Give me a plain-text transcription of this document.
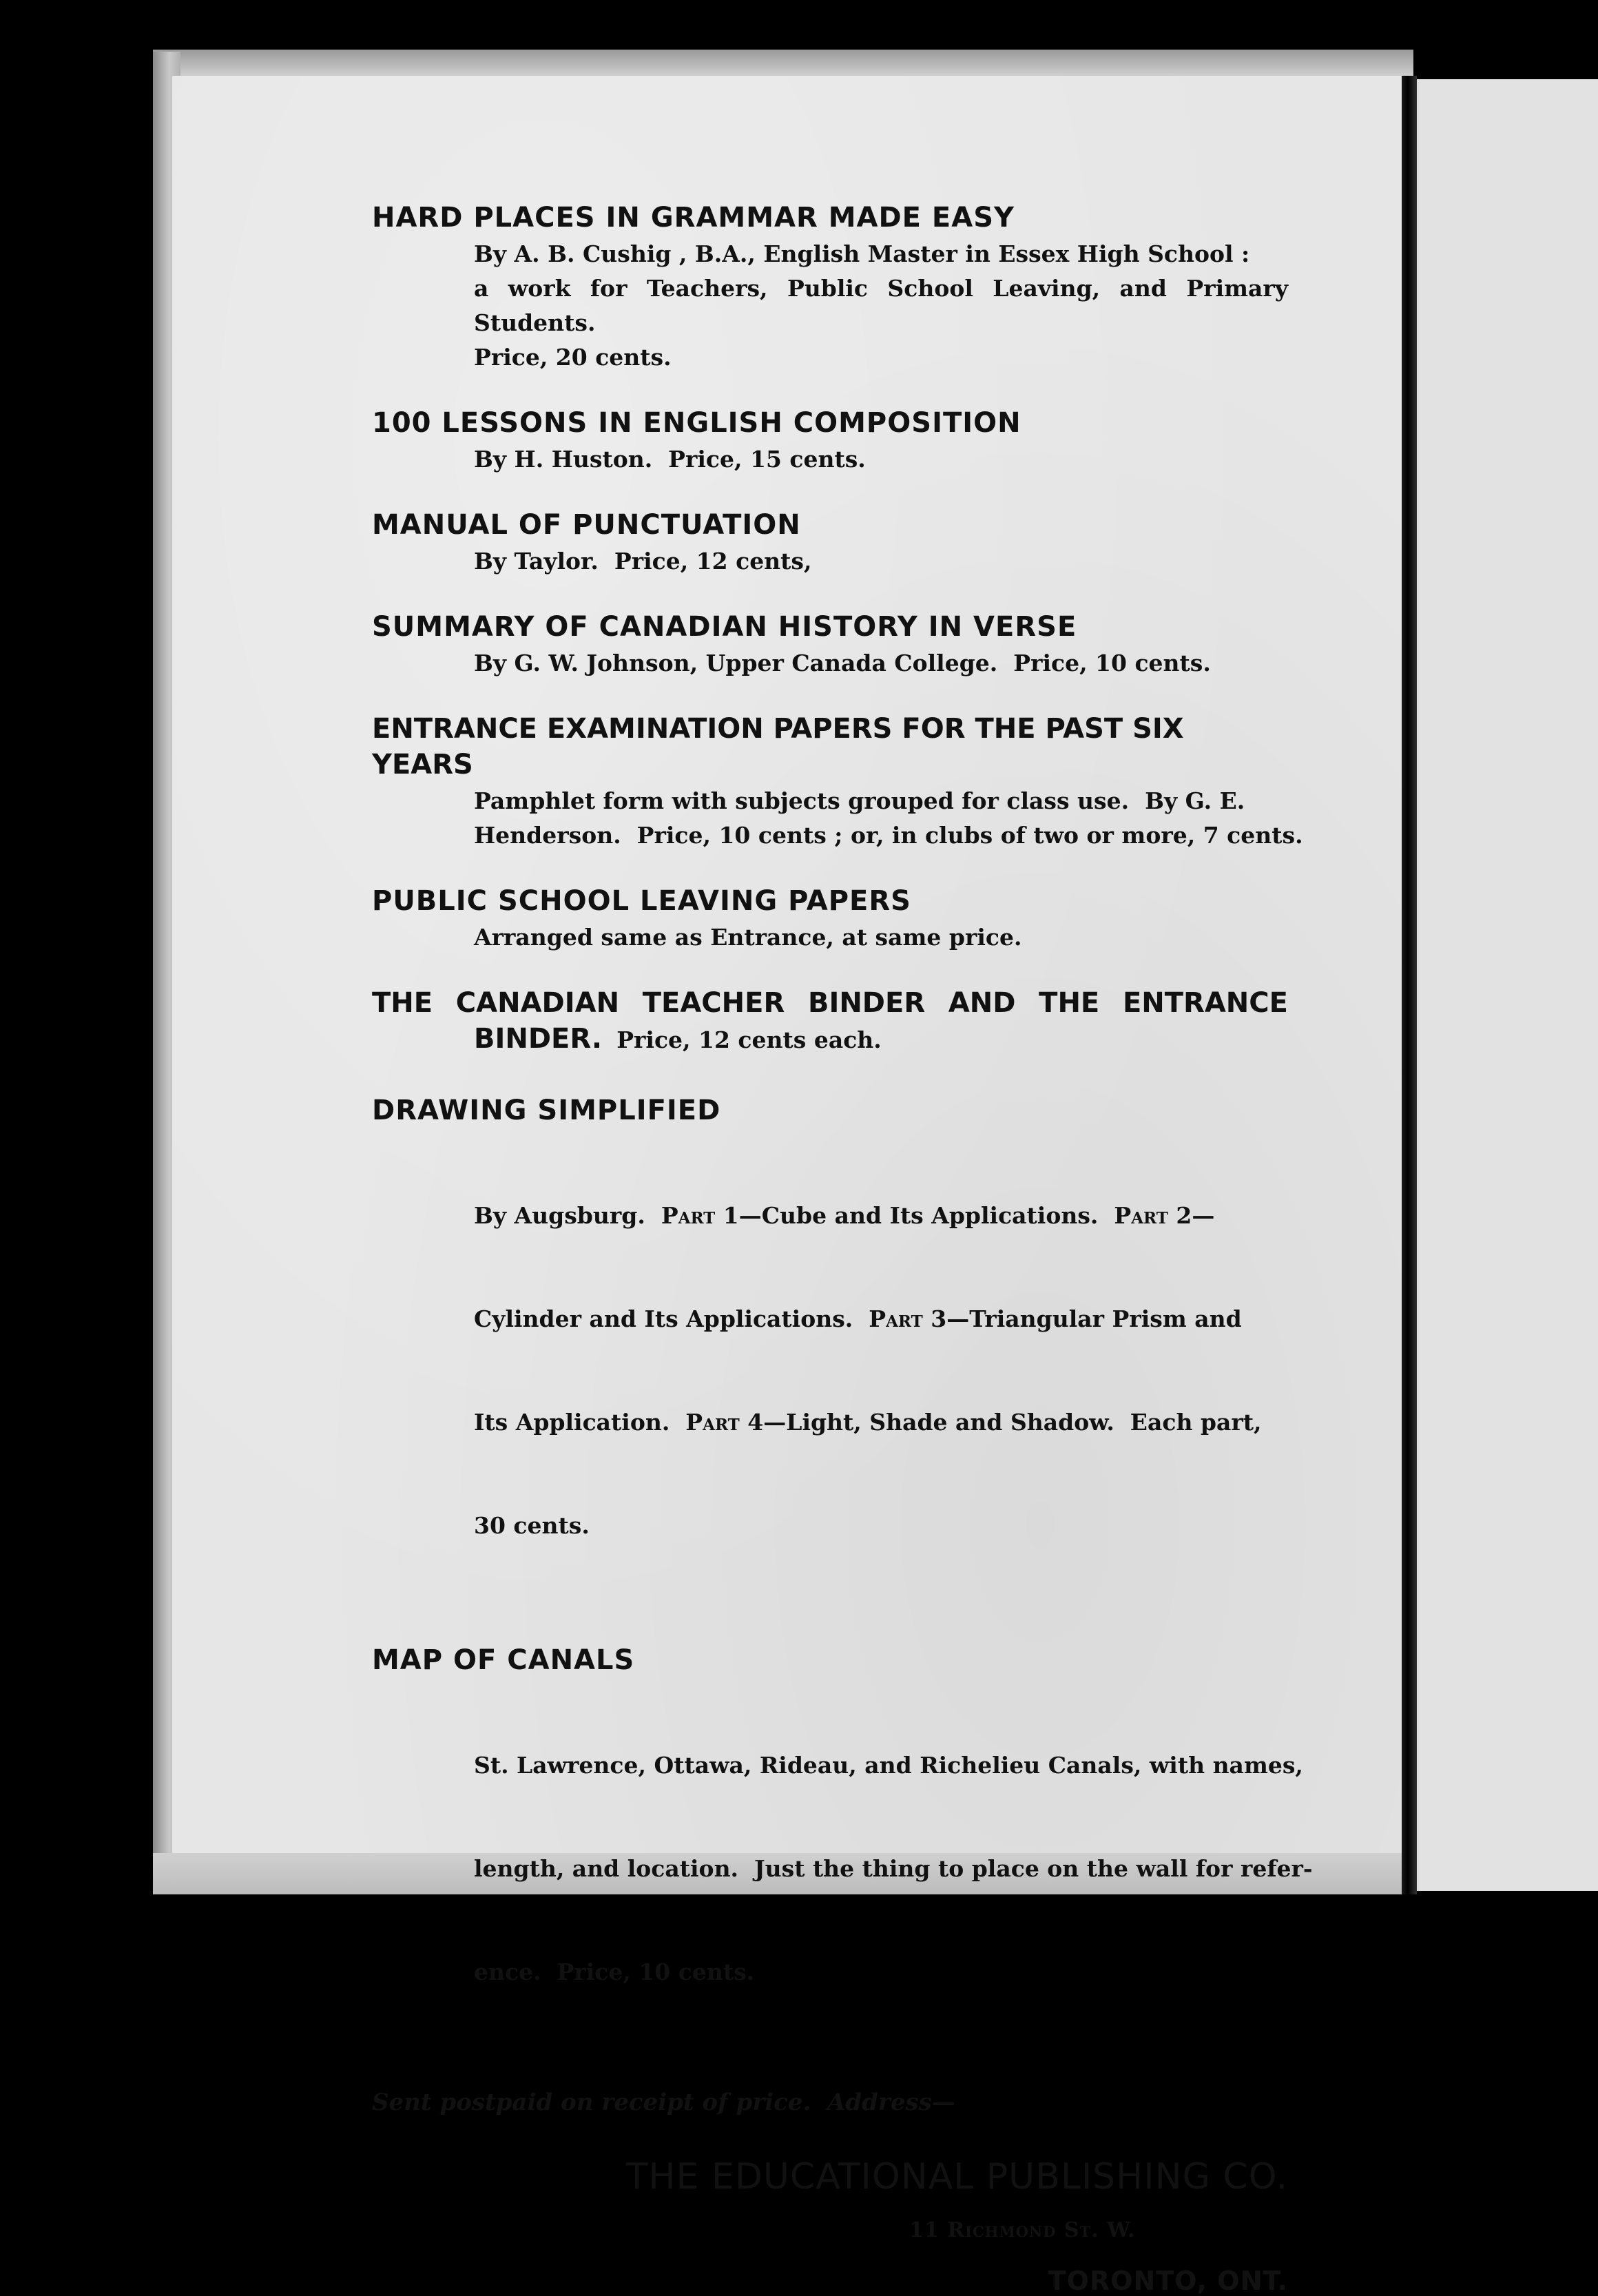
HARD PLACES IN GRAMMAR MADE EASY

By A. B. Cushig , B.A., English Master in Essex High School :
a work for Teachers, Public School Leaving, and Primary Students.
Price, 20 cents.

100 LESSONS IN ENGLISH COMPOSITION

By H. Huston.  Price, 15 cents.

MANUAL OF PUNCTUATION

By Taylor.  Price, 12 cents,

SUMMARY OF CANADIAN HISTORY IN VERSE

By G. W. Johnson, Upper Canada College.  Price, 10 cents.

ENTRANCE EXAMINATION PAPERS FOR THE PAST SIX YEARS

Pamphlet form with subjects grouped for class use.  By G. E.
Henderson.  Price, 10 cents ; or, in clubs of two or more, 7 cents.

PUBLIC SCHOOL LEAVING PAPERS

Arranged same as Entrance, at same price.
THE CANADIAN TEACHER BINDER AND THE ENTRANCE
BINDER. Price, 12 cents each.

DRAWING SIMPLIFIED

By Augsburg.  Part 1—Cube and Its Applications.  Part 2—

Cylinder and Its Applications.  Part 3—Triangular Prism and

Its Application.  Part 4—Light, Shade and Shadow.  Each part,

30 cents.

MAP OF CANALS

St. Lawrence, Ottawa, Rideau, and Richelieu Canals, with names,

length, and location.  Just the thing to place on the wall for refer-

ence.  Price, 10 cents.

Sent postpaid on receipt of price.  Address—

THE EDUCATIONAL PUBLISHING CO.

11 Richmond St. W.

TORONTO, ONT.
